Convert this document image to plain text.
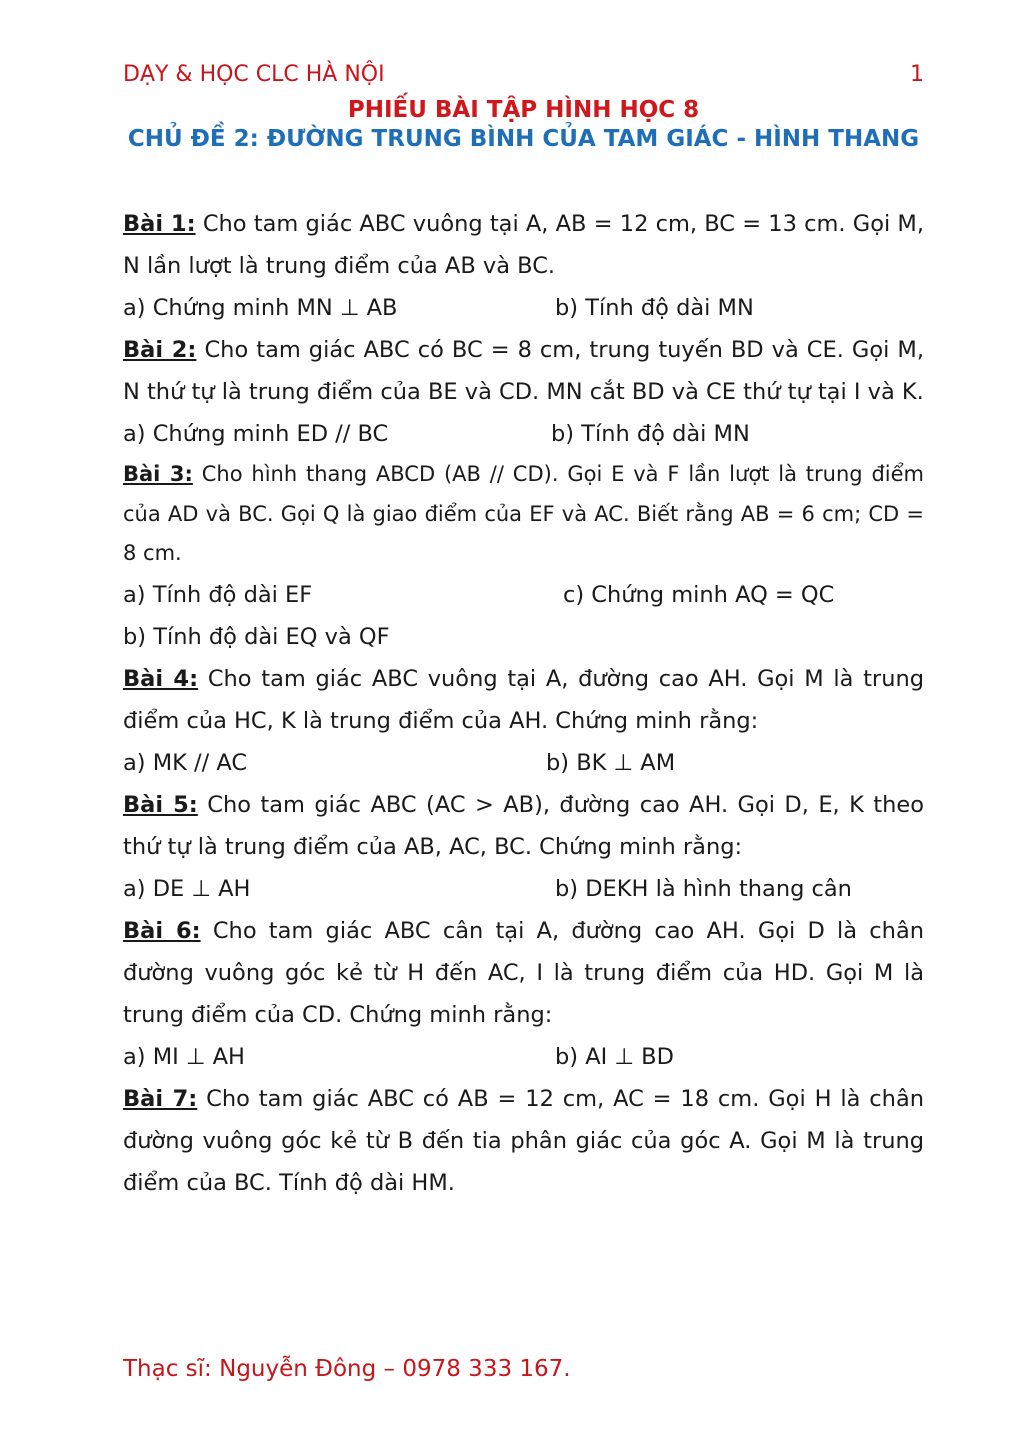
DẠY & HỌC CLC HÀ NỘI	1
PHIẾU BÀI TẬP HÌNH HỌC 8
CHỦ ĐỀ 2: ĐƯỜNG TRUNG BÌNH CỦA TAM GIÁC - HÌNH THANG

Bài 1: Cho tam giác ABC vuông tại A, AB = 12 cm, BC = 13 cm. Gọi M, N lần lượt là trung điểm của AB và BC.

a) Chứng minh MN ⊥ AB	b) Tính độ dài MN

Bài 2: Cho tam giác ABC có BC = 8 cm, trung tuyến BD và CE. Gọi M, N thứ tự là trung điểm của BE và CD. MN cắt BD và CE thứ tự tại I và K.

a) Chứng minh ED // BC	b) Tính độ dài MN

Bài 3: Cho hình thang ABCD (AB // CD). Gọi E và F lần lượt là trung điểm của AD và BC. Gọi Q là giao điểm của EF và AC. Biết rằng AB = 6 cm; CD = 8 cm.

a) Tính độ dài EF	c) Chứng minh AQ = QC
b) Tính độ dài EQ và QF

Bài 4: Cho tam giác ABC vuông tại A, đường cao AH. Gọi M là trung điểm của HC, K là trung điểm của AH. Chứng minh rằng:

a) MK // AC	b) BK ⊥ AM

Bài 5: Cho tam giác ABC (AC > AB), đường cao AH. Gọi D, E, K theo thứ tự là trung điểm của AB, AC, BC. Chứng minh rằng:

a) DE ⊥ AH	b) DEKH là hình thang cân

Bài 6: Cho tam giác ABC cân tại A, đường cao AH. Gọi D là chân đường vuông góc kẻ từ H đến AC, I là trung điểm của HD. Gọi M là trung điểm của CD. Chứng minh rằng:

a) MI ⊥ AH	b) AI ⊥ BD

Bài 7: Cho tam giác ABC có AB = 12 cm, AC = 18 cm. Gọi H là chân đường vuông góc kẻ từ B đến tia phân giác của góc A. Gọi M là trung điểm của BC. Tính độ dài HM.

Thạc sĩ: Nguyễn Đông – 0978 333 167.
